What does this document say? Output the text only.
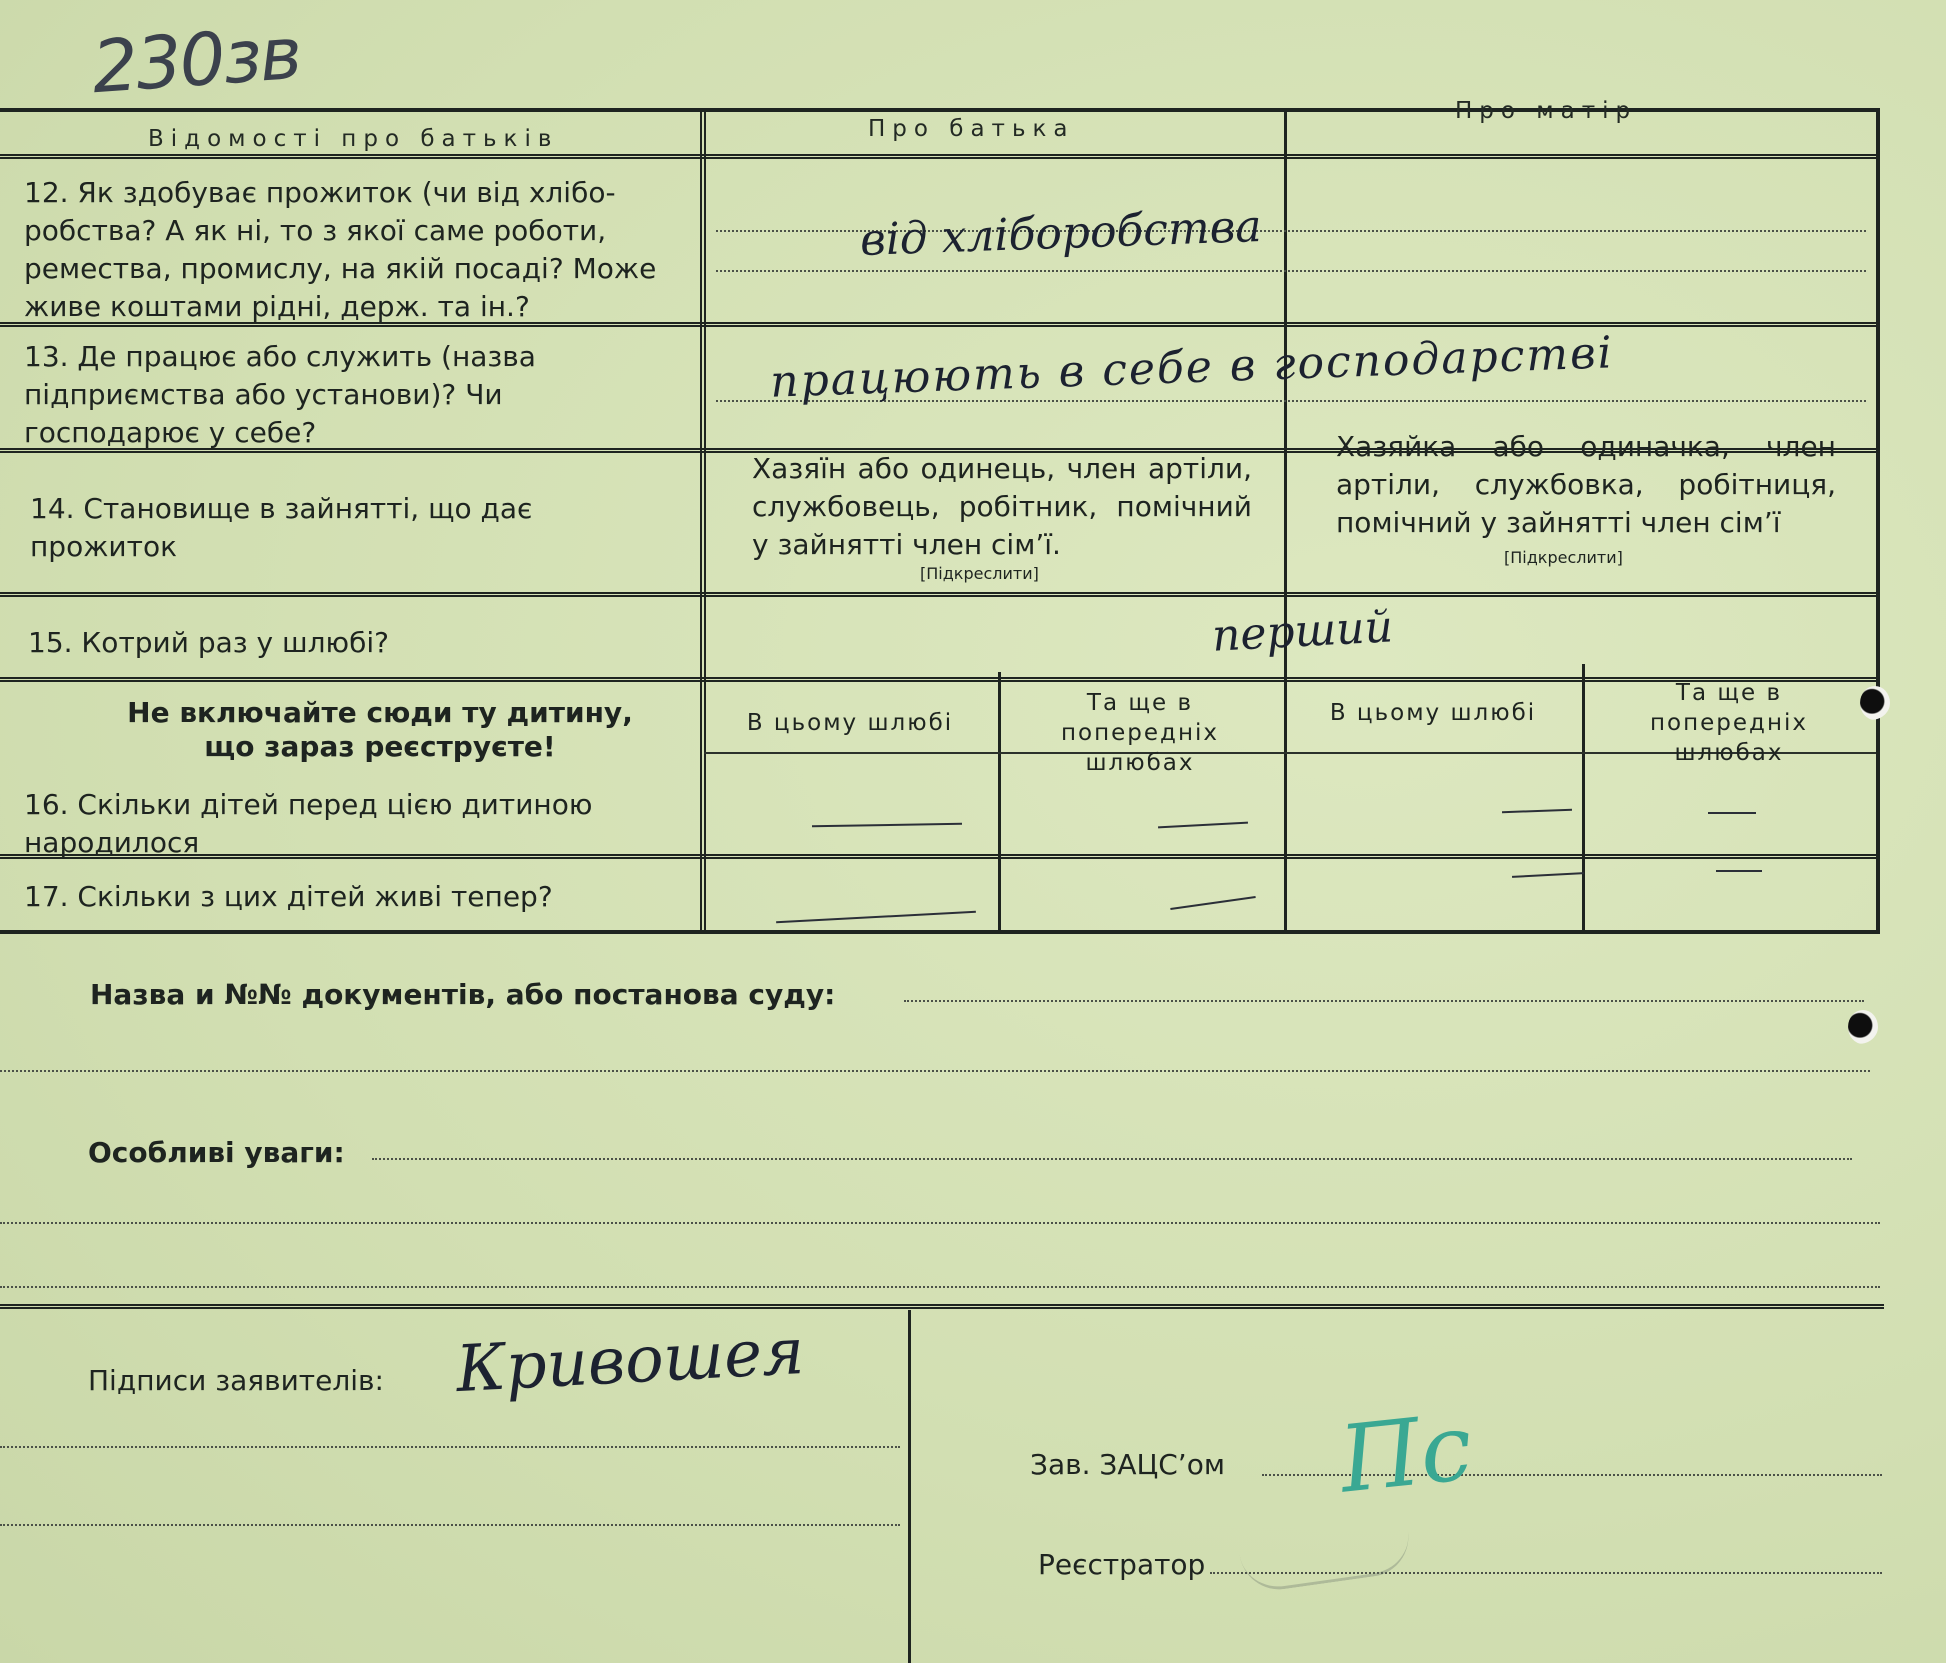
230зв
Відомості про батьків	Про батька
Про матір
12. Як здобуває прожиток (чи від хлібо-робства? А як ні, то з якої саме роботи, ремества, промислу, на якій посаді? Може живе коштами рідні, держ. та ін.?
13. Де працює або служить (назва підприємства або установи)? Чи господарює у себе?
14. Становище в зайнятті, що дає прожиток
15. Котрий раз у шлюбі?
Не включайте сюди ту дитину, що зараз реєструєте!
16. Скільки дітей перед цією дитиною народилося
17. Скільки з цих дітей живі тепер?
від хліборобства
працюють в себе в господарстві
перший
Хазяїн або одинець, член артіли, службовець, робітник, помічний у зайнятті член сім’ї.
[Підкреслити]
Хазяйка або одиначка, член артіли, службовка, робітниця, помічний у зайнятті член сім’ї
[Підкреслити]
В цьому шлюбі
Та ще в попередніх шлюбах
В цьому шлюбі
Та ще в попередніх шлюбах
Назва и №№ документів, або постанова суду:
Особливі уваги:
Підписи заявителів: Кривошея
Зав. ЗАЦС’ом Пс
Реєстратор
